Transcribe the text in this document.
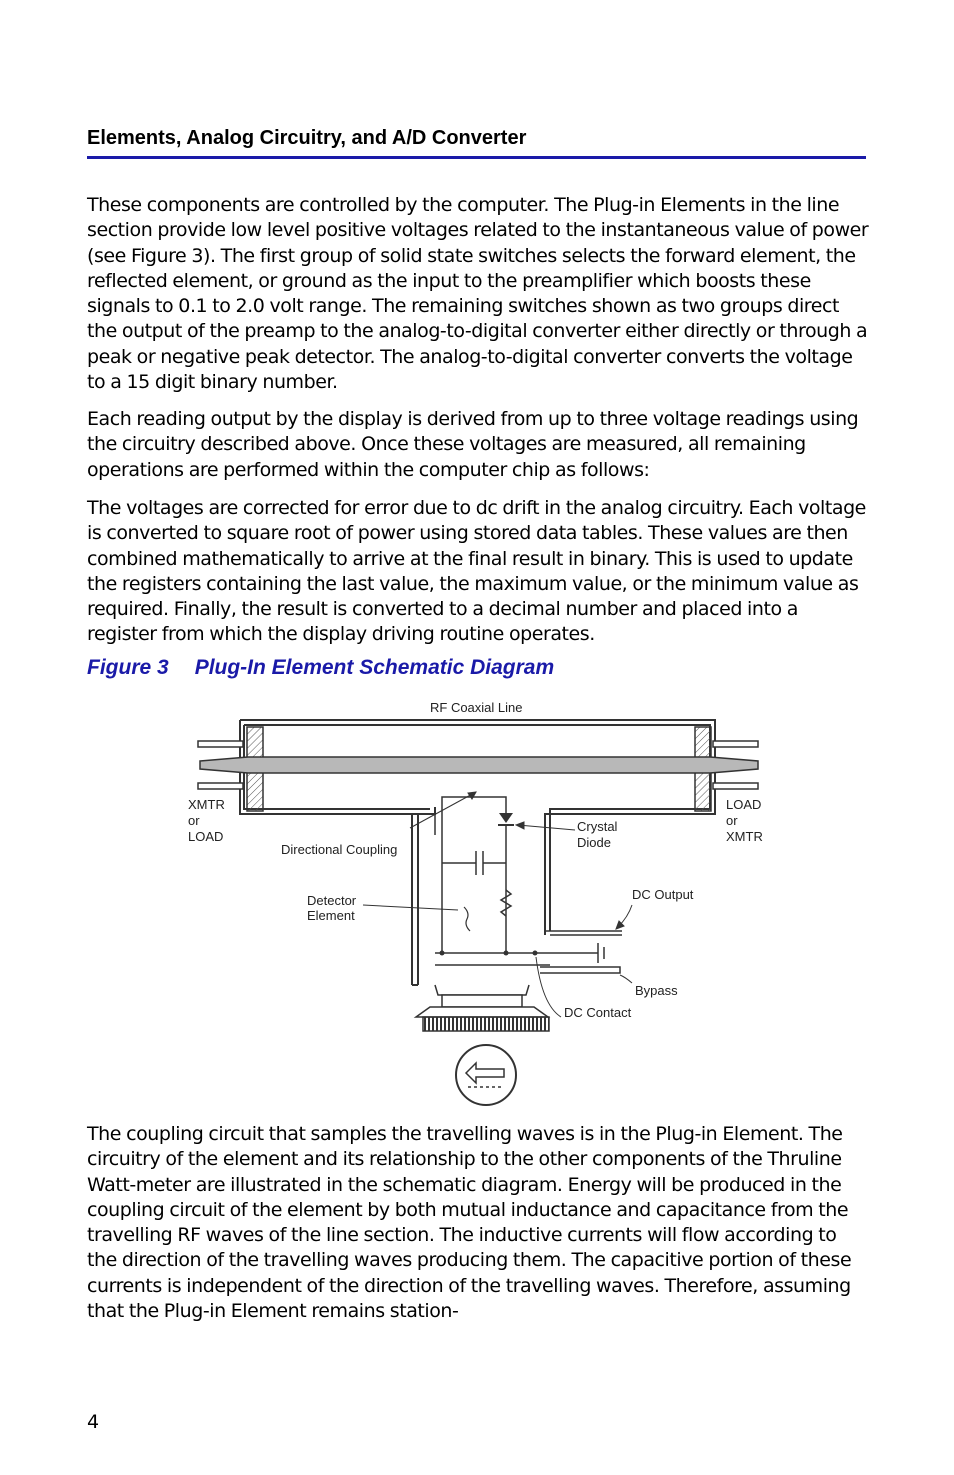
Elements, Analog Circuitry, and A/D Converter

These components are controlled by the computer. The Plug-in Elements in the line section provide low level positive voltages related to the instantaneous value of power (see Figure 3). The first group of solid state switches selects the forward element, the reflected element, or ground as the input to the preamplifier which boosts these signals to 0.1 to 2.0 volt range. The remaining switches shown as two groups direct the output of the preamp to the analog-to-digital converter either directly or through a peak or negative peak detector. The analog-to-digital converter converts the voltage to a 15 digit binary number.

Each reading output by the display is derived from up to three voltage readings using the circuitry described above. Once these voltages are measured, all remaining operations are performed within the computer chip as follows:

The voltages are corrected for error due to dc drift in the analog circuitry. Each voltage is converted to square root of power using stored data tables. These values are then combined mathematically to arrive at the final result in binary. This is used to update the registers containing the last value, the maximum value, or the minimum value as required. Finally, the result is converted to a decimal number and placed into a register from which the display driving routine operates.

Figure 3 Plug-In Element Schematic Diagram
RF Coaxial Line
XMTR
or
LOAD
LOAD
or
XMTR
Crystal
Diode
Directional Coupling
Detector
Element
DC Output
Bypass
DC Contact

The coupling circuit that samples the travelling waves is in the Plug-in Element. The circuitry of the element and its relationship to the other components of the Thruline Watt-meter are illustrated in the schematic diagram. Energy will be produced in the coupling circuit of the element by both mutual inductance and capacitance from the travelling RF waves of the line section. The inductive currents will flow according to the direction of the travelling waves producing them. The capacitive portion of these currents is independent of the direction of the travelling waves. Therefore, assuming that the Plug-in Element remains station-

4
